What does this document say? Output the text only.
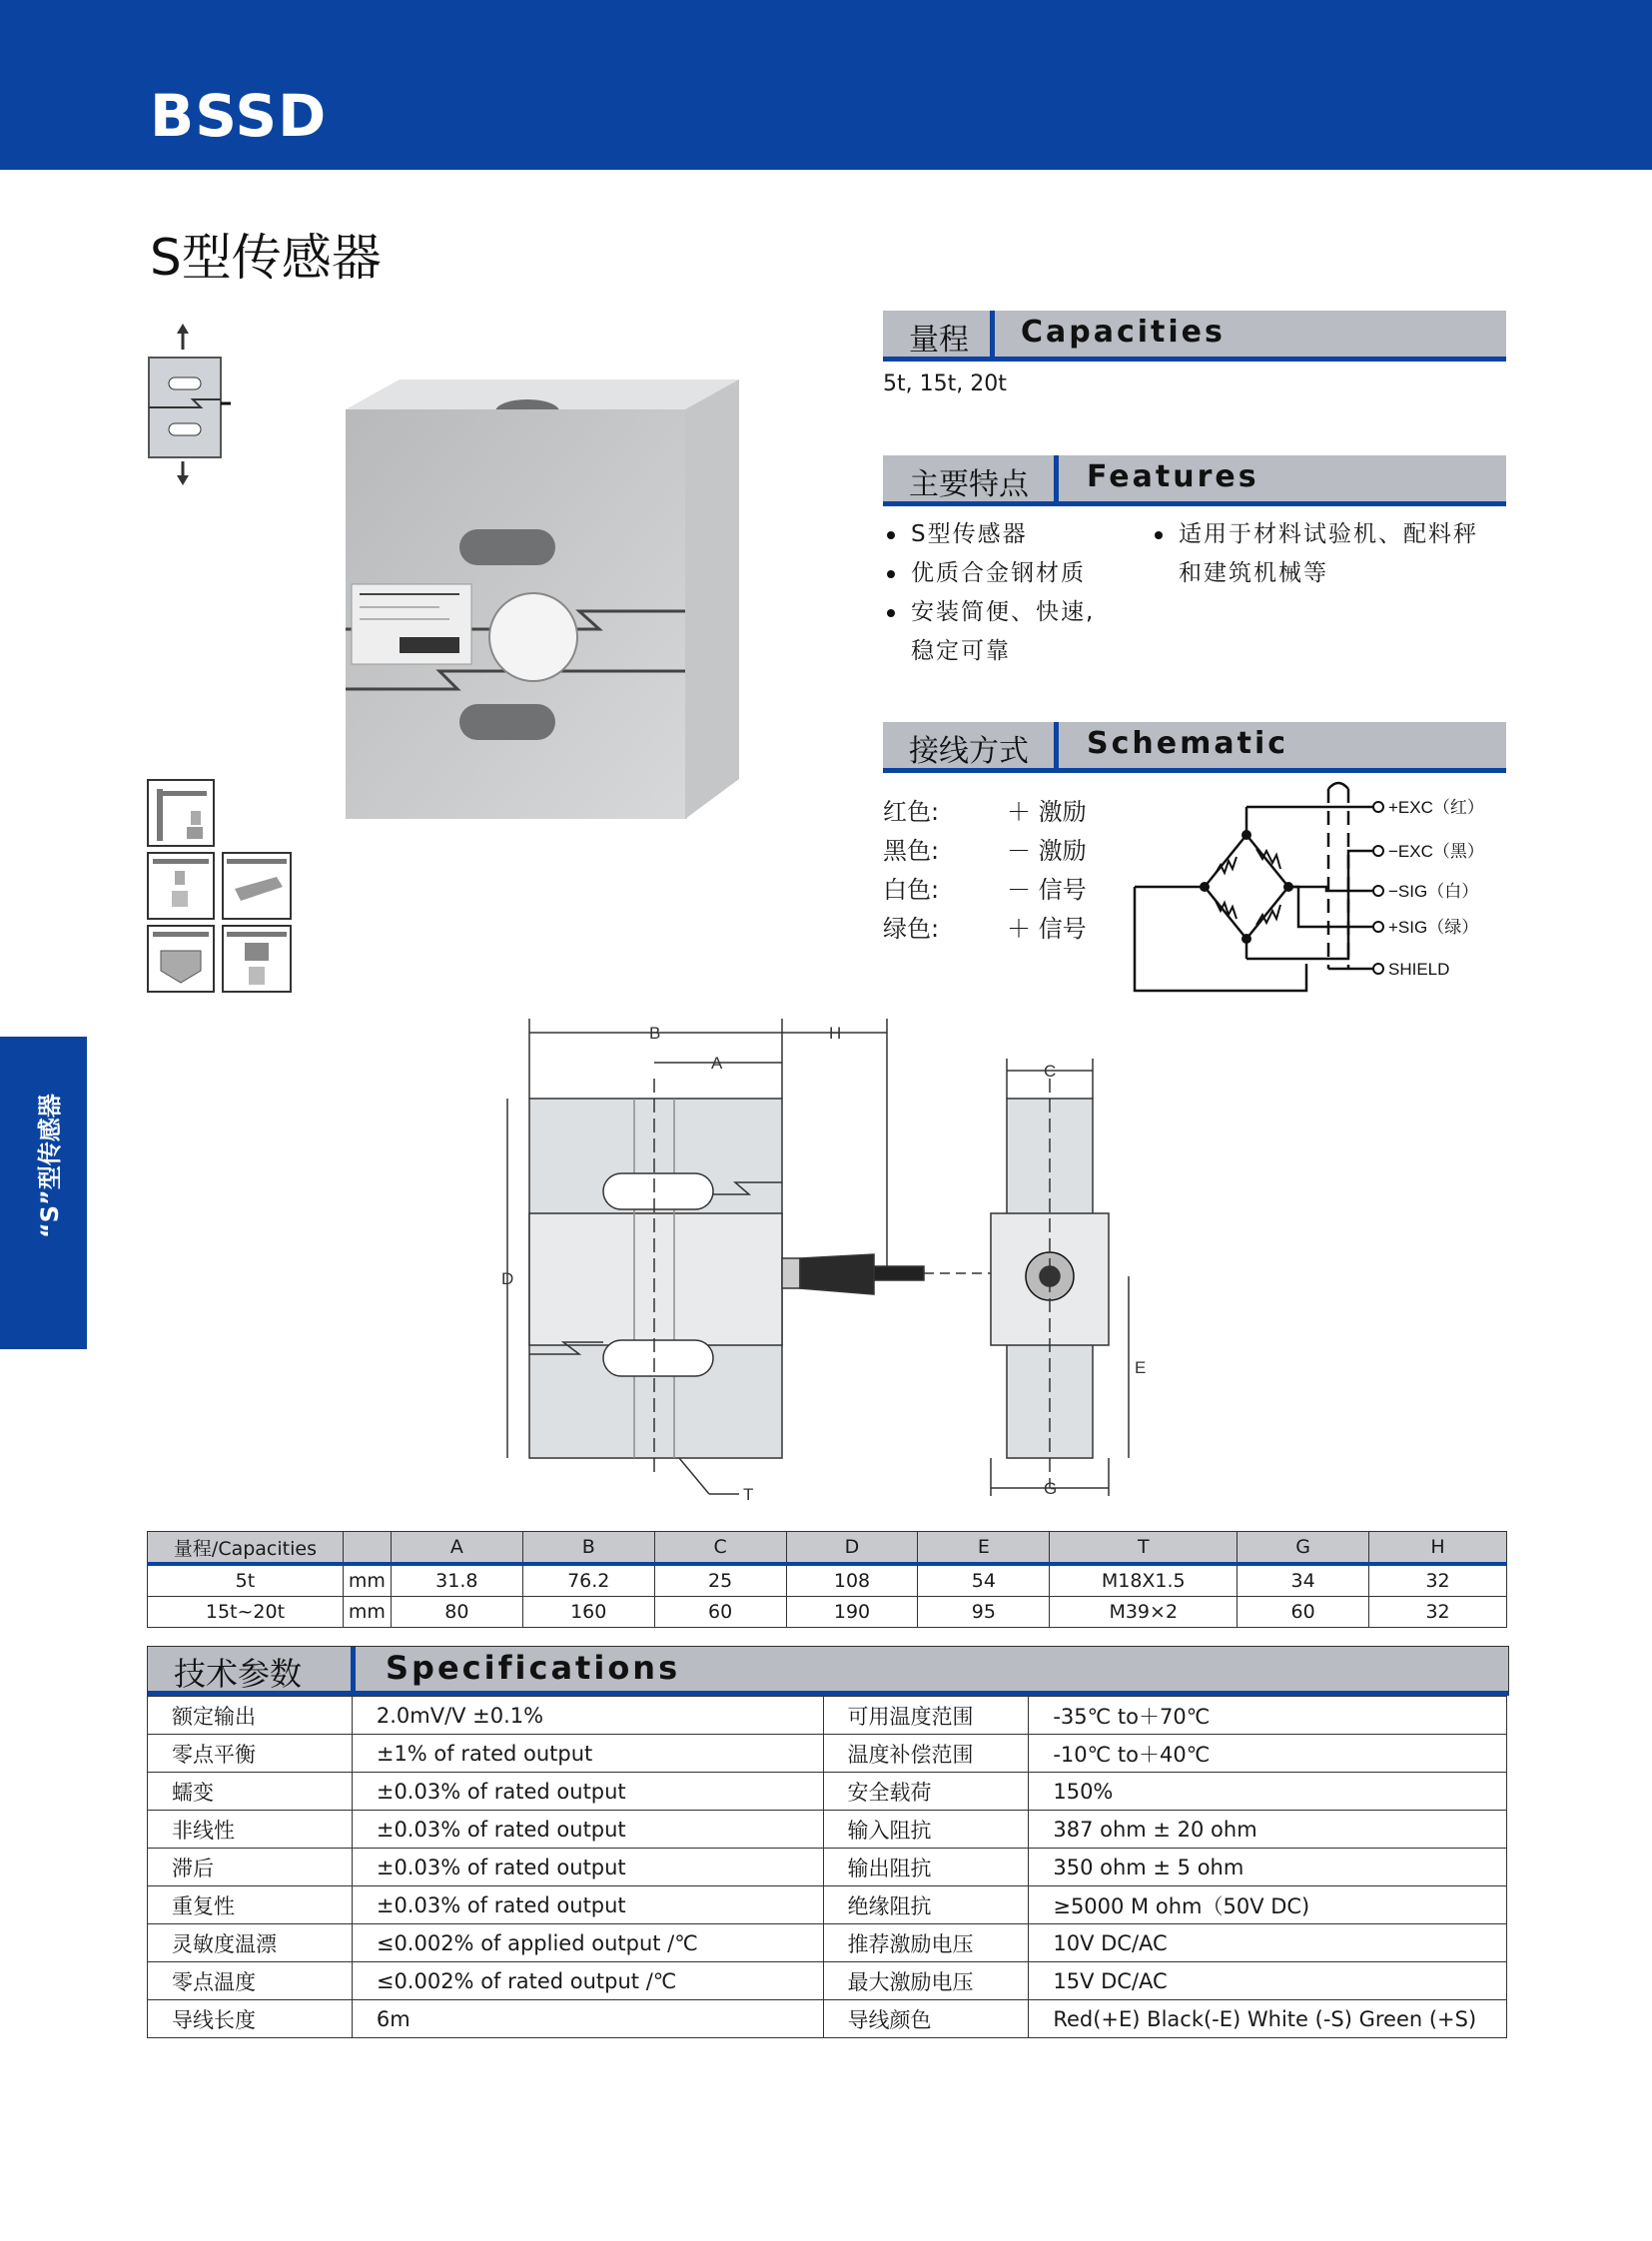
BSSD
S型传感器
“S”型传感器
量程 Capacities
5t, 15t, 20t
主要特点 Features
S型传感器
优质合金钢材质
安装简便、快速,
稳定可靠
适用于材料试验机、配料秤
和建筑机械等
接线方式 Schematic
红色:	＋ 激励
黑色:	－ 激励
白色:	－ 信号
绿色:	＋ 信号
+EXC（红）
−EXC（黑）
−SIG（白）
+SIG（绿）
SHIELD
B
A
H
D
C
E
T	G
量程/Capacities		A	B	C	D	E	T	G	H
5t	mm	31.8	76.2	25	108	54	M18X1.5	34	32
15t~20t	mm	80	160	60	190	95	M39×2	60	32
技术参数	Specifications
额定输出	2.0mV/V ±0.1%	可用温度范围	-35℃ to＋70℃
零点平衡	±1% of rated output	温度补偿范围	-10℃ to＋40℃
蠕变	±0.03% of rated output	安全载荷	150%
非线性	±0.03% of rated output	输入阻抗	387 ohm ± 20 ohm
滞后	±0.03% of rated output	输出阻抗	350 ohm ± 5 ohm
重复性	±0.03% of rated output	绝缘阻抗	≥5000 M ohm（50V DC)
灵敏度温漂	≤0.002% of applied output /℃	推荐激励电压	10V DC/AC
零点温度	≤0.002% of rated output /℃	最大激励电压	15V DC/AC
导线长度	6m	导线颜色	Red(+E) Black(-E) White (-S) Green (+S)
